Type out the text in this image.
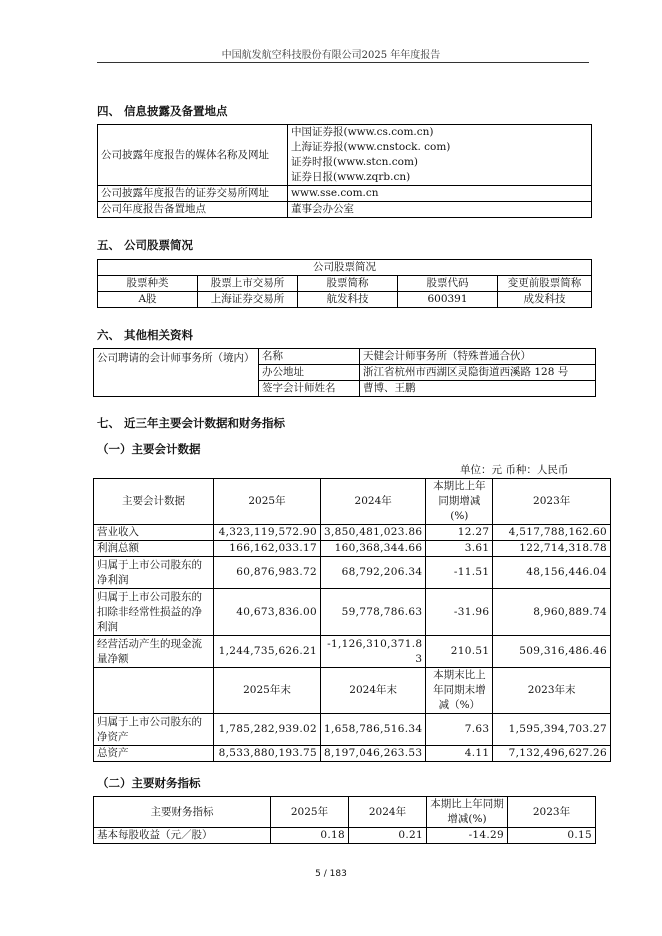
中国航发航空科技股份有限公司2025 年年度报告
四、 信息披露及备置地点
公司披露年度报告的媒体名称及网址	中国证券报(www.cs.com.cn)
上海证券报(www.cnstock. com)
证券时报(www.stcn.com)
证券日报(www.zqrb.cn)

公司披露年度报告的证券交易所网址	www.sse.com.cn
公司年度报告备置地点	董事会办公室
五、 公司股票简况
公司股票简况				
股票种类	股票上市交易所	股票简称	股票代码	变更前股票简称
A股	上海证券交易所	航发科技	600391	成发科技
六、 其他相关资料
公司聘请的会计师事务所（境内）	名称	天健会计师事务所（特殊普通合伙）
	办公地址	浙江省杭州市西湖区灵隐街道西溪路 128 号
	签字会计师姓名	曹博、王鹏
七、 近三年主要会计数据和财务指标
（一）主要会计数据
单位：元 币种：人民币
主要会计数据	2025年	2024年	本期比上年同期增减(%)	2023年
营业收入	4,323,119,572.90	3,850,481,023.86	12.27	4,517,788,162.60
利润总额	166,162,033.17	160,368,344.66	3.61	122,714,318.78
归属于上市公司股东的净利润	60,876,983.72	68,792,206.34	-11.51	48,156,446.04
归属于上市公司股东的扣除非经常性损益的净利润	40,673,836.00	59,778,786.63	-31.96	8,960,889.74
经营活动产生的现金流量净额	1,244,735,626.21	-1,126,310,371.83	210.51	509,316,486.46
	2025年末	2024年末	本期末比上年同期末增减（%）	2023年末
归属于上市公司股东的净资产	1,785,282,939.02	1,658,786,516.34	7.63	1,595,394,703.27
总资产	8,533,880,193.75	8,197,046,263.53	4.11	7,132,496,627.26
（二）主要财务指标
主要财务指标	2025年	2024年	本期比上年同期增减(%)	2023年
基本每股收益（元／股）	0.18	0.21	-14.29	0.15
5 / 183
